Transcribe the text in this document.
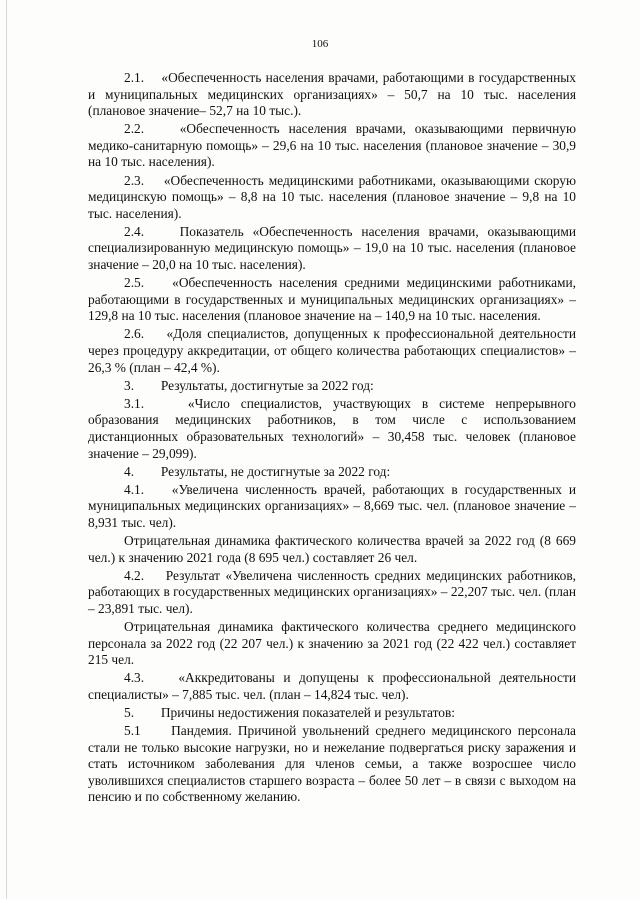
106

2.1.    «Обеспеченность населения врачами, работающими в государственных и муниципальных медицинских организациях» – 50,7 на 10 тыс. населения (плановое значение– 52,7 на 10 тыс.).

2.2.    «Обеспеченность населения врачами, оказывающими первичную медико-санитарную помощь» – 29,6 на 10 тыс. населения (плановое значение – 30,9 на 10 тыс. населения).

2.3.    «Обеспеченность медицинскими работниками, оказывающими скорую медицинскую помощь» – 8,8 на 10 тыс. населения (плановое значение – 9,8 на 10 тыс. населения).

2.4.    Показатель «Обеспеченность населения врачами, оказывающими специализированную медицинскую помощь» – 19,0 на 10 тыс. населения (плановое значение – 20,0 на 10 тыс. населения).

2.5.    «Обеспеченность населения средними медицинскими работниками, работающими в государственных и муниципальных медицинских организациях» – 129,8 на 10 тыс. населения (плановое значение на – 140,9 на 10 тыс. населения.

2.6.    «Доля специалистов, допущенных к профессиональной деятельности через процедуру аккредитации, от общего количества работающих специалистов» – 26,3 % (план – 42,4 %).

3.        Результаты, достигнутые за 2022 год:

3.1.    «Число специалистов, участвующих в системе непрерывного образования медицинских работников, в том числе с использованием дистанционных образовательных технологий» – 30,458 тыс. человек (плановое значение – 29,099).

4.        Результаты, не достигнутые за 2022 год:

4.1.    «Увеличена численность врачей, работающих в государственных и муниципальных медицинских организациях» – 8,669 тыс. чел. (плановое значение – 8,931 тыс. чел).

Отрицательная динамика фактического количества врачей за 2022 год (8 669 чел.) к значению 2021 года (8 695 чел.) составляет 26 чел.

4.2.    Результат «Увеличена численность средних медицинских работников, работающих в государственных медицинских организациях» – 22,207 тыс. чел. (план – 23,891 тыс. чел).

Отрицательная динамика фактического количества среднего медицинского персонала за 2022 год (22 207 чел.) к значению за 2021 год (22 422 чел.) составляет 215 чел.

4.3.    «Аккредитованы и допущены к профессиональной деятельности специалисты» – 7,885 тыс. чел. (план – 14,824 тыс. чел).

5.        Причины недостижения показателей и результатов:

5.1     Пандемия. Причиной увольнений среднего медицинского персонала стали не только высокие нагрузки, но и нежелание подвергаться риску заражения и стать источником заболевания для членов семьи, а также возросшее число уволившихся специалистов старшего возраста – более 50 лет – в связи с выходом на пенсию и по собственному желанию.
